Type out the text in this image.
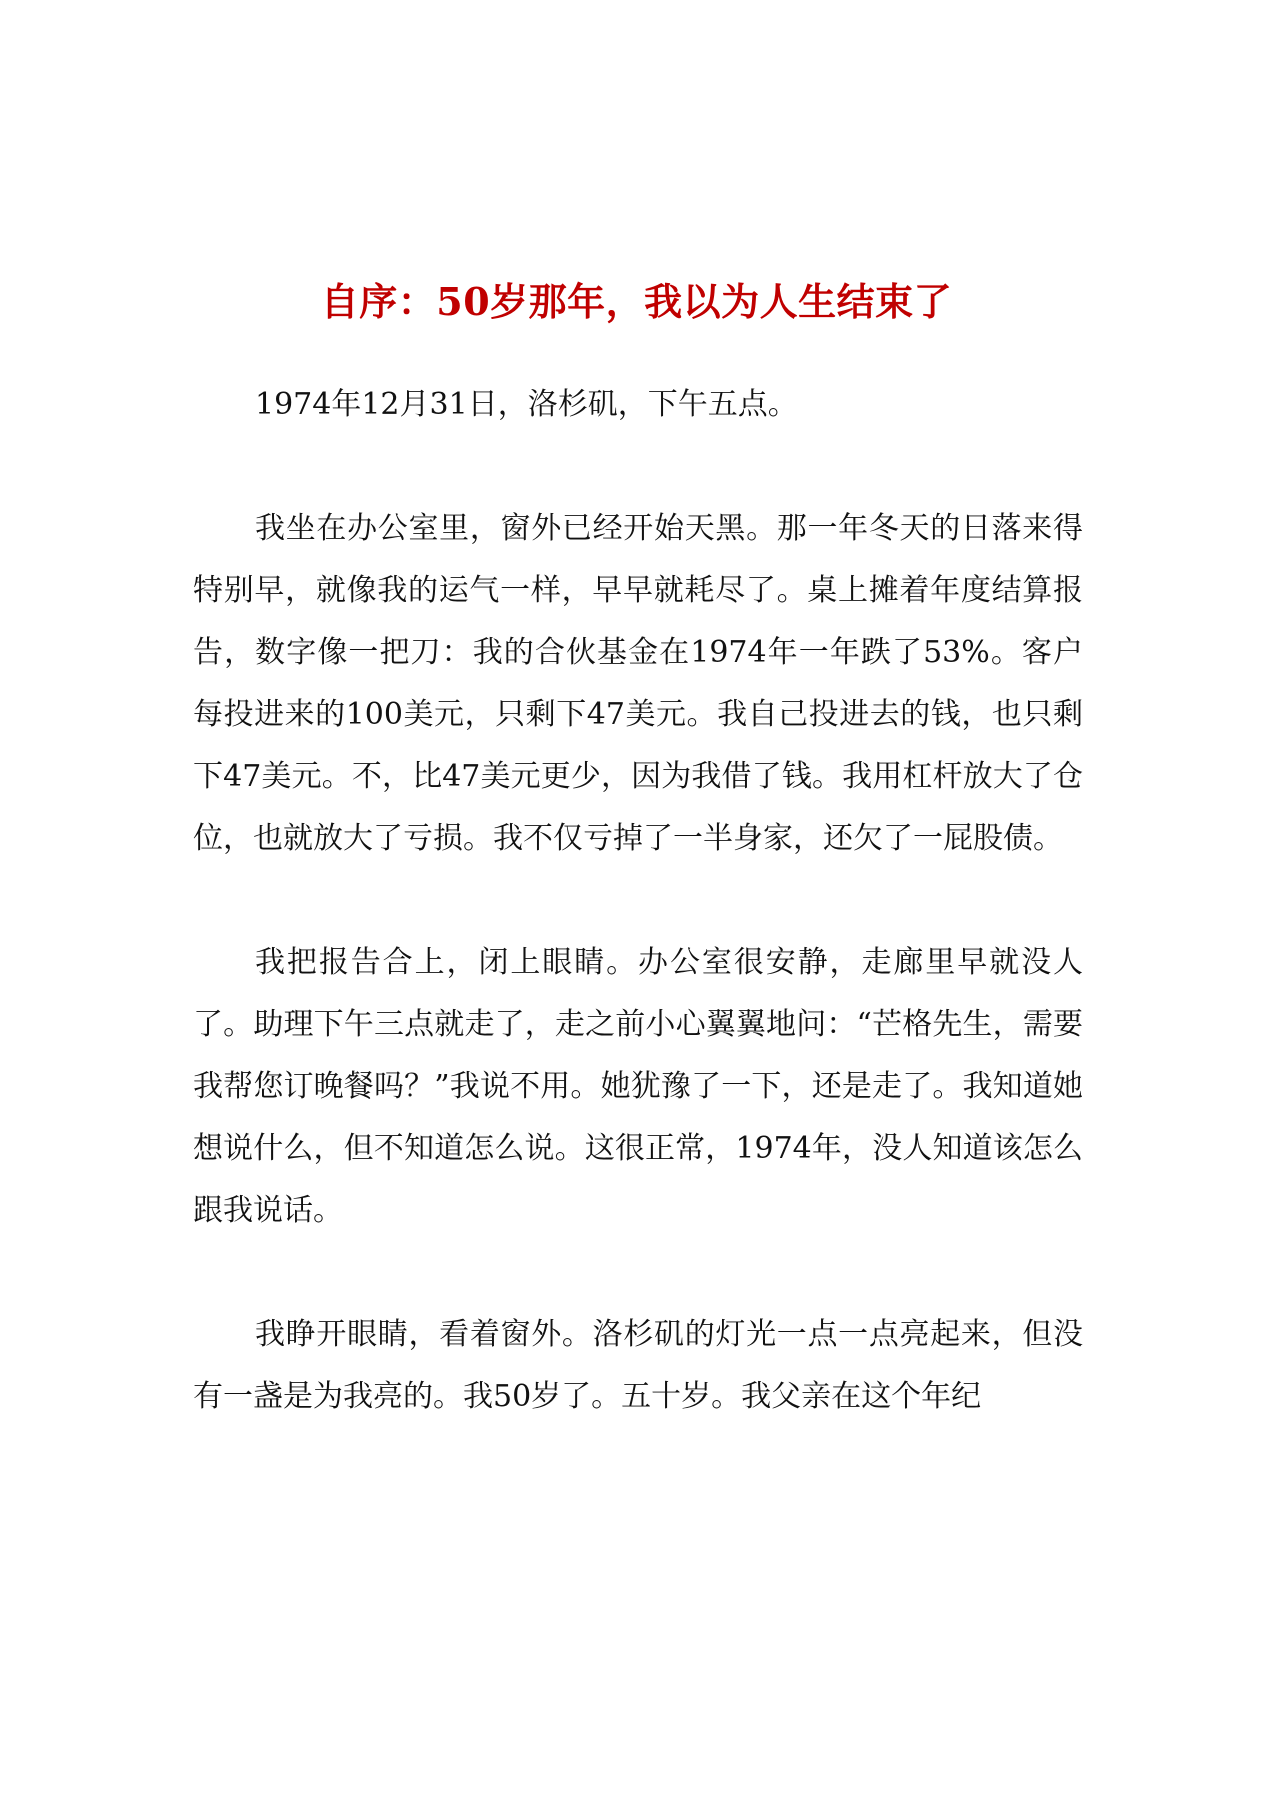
自序：50岁那年，我以为人生结束了

1974年12月31日，洛杉矶，下午五点。

我坐在办公室里，窗外已经开始天黑。那一年冬天的日落来得特别早，就像我的运气一样，早早就耗尽了。桌上摊着年度结算报告，数字像一把刀：我的合伙基金在1974年一年跌了53%。客户每投进来的100美元，只剩下47美元。我自己投进去的钱，也只剩下47美元。不，比47美元更少，因为我借了钱。我用杠杆放大了仓位，也就放大了亏损。我不仅亏掉了一半身家，还欠了一屁股债。

我把报告合上，闭上眼睛。办公室很安静，走廊里早就没人了。助理下午三点就走了，走之前小心翼翼地问：“芒格先生，需要我帮您订晚餐吗？”我说不用。她犹豫了一下，还是走了。我知道她想说什么，但不知道怎么说。这很正常，1974年，没人知道该怎么跟我说话。

我睁开眼睛，看着窗外。洛杉矶的灯光一点一点亮起来，但没有一盏是为我亮的。我50岁了。五十岁。我父亲在这个年纪
